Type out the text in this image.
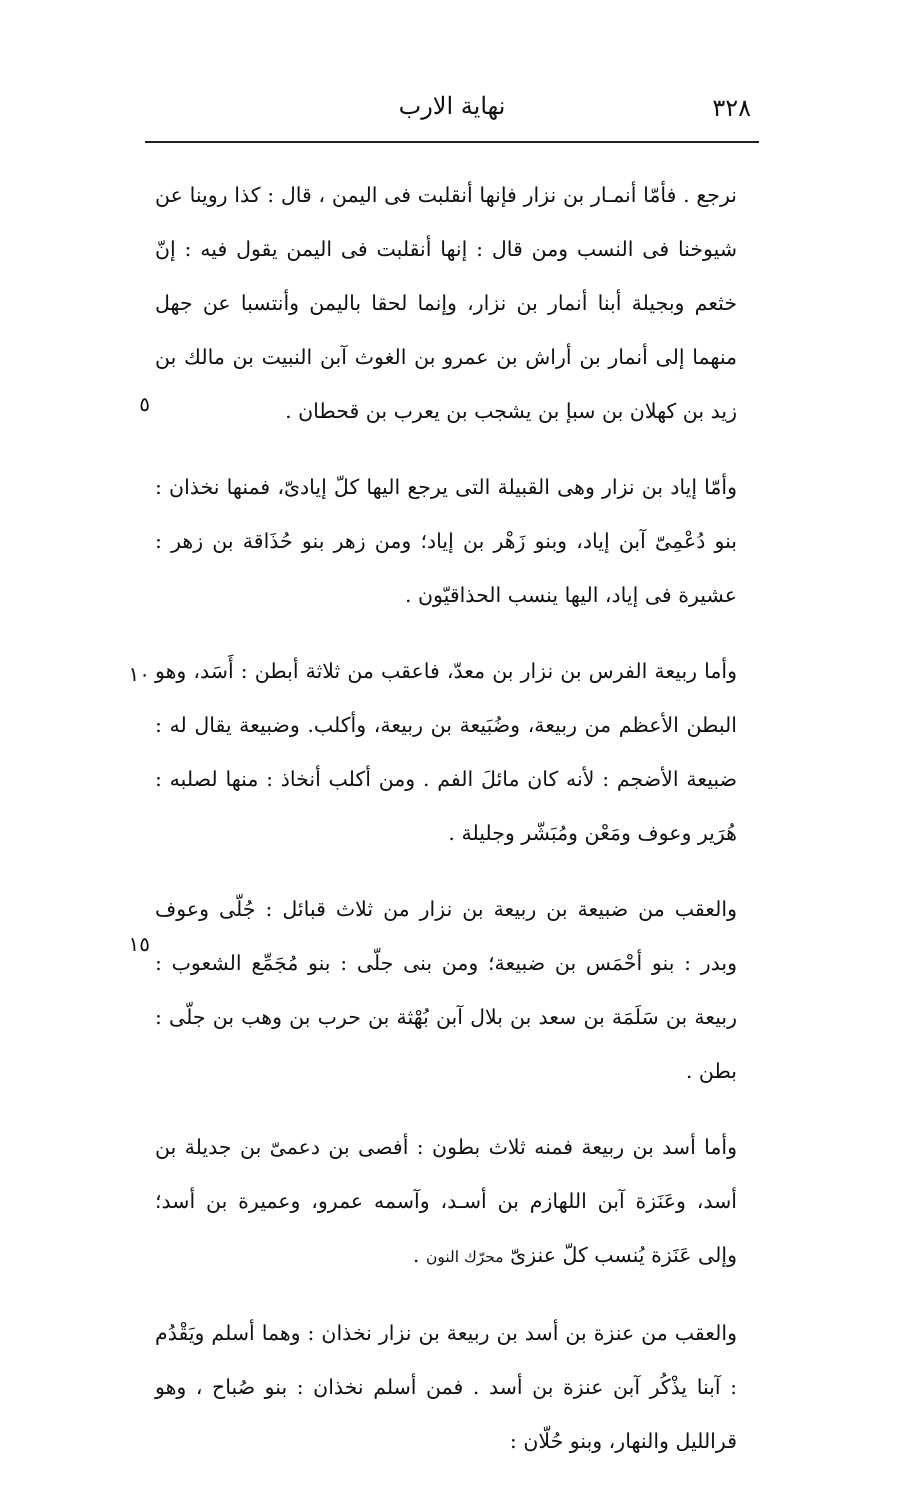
٣٢٨
نهاية الارب
٥
١٠
١٥

نرجع . فأمّا أنمـار بن نزار فإنها أنقلبت فى اليمن ، قال : كذا روينا عن شيوخنا فى النسب ومن قال : إنها أنقلبت فى اليمن يقول فيه : إنّ خثعم وبجيلة أبنا أنمار بن نزار، وإنما لحقا باليمن وأنتسبا عن جهل منهما إلى أنمار بن أراش بن عمرو بن الغوث آبن النبيت بن مالك بن زيد بن كهلان بن سبإ بن يشجب بن يعرب بن قحطان .

وأمّا إياد بن نزار وهى القبيلة التى يرجع اليها كلّ إيادىّ، فمنها نخذان : بنو دُعْمِىّ آبن إياد، وبنو زَهْر بن إياد؛ ومن زهر بنو حُذَاقة بن زهر : عشيرة فى إياد، اليها ينسب الحذاقيّون .

وأما ربيعة الفرس بن نزار بن معدّ، فاعقب من ثلاثة أبطن : أَسَد، وهو البطن الأعظم من ربيعة، وضُبَيعة بن ربيعة، وأكلب. وضبيعة يقال له : ضبيعة الأضجم : لأنه كان مائلَ الفم . ومن أكلب أنخاذ : منها لصلبه : هُرَير وعوف ومَعْن ومُبَشّر وجليلة .

والعقب من ضبيعة بن ربيعة بن نزار من ثلاث قبائل : جُلّى وعوف وبدر : بنو أحْمَس بن ضبيعة؛ ومن بنى جلّى : بنو مُجَمِّع الشعوب : ربيعة بن سَلَمَة بن سعد بن بلال آبن بُهْثة بن حرب بن وهب بن جلّى : بطن .

وأما أسد بن ربيعة فمنه ثلاث بطون : أفصى بن دعمىّ بن جديلة بن أسد، وعَنَزة آبن اللهازم بن أسـد، وآسمه عمرو، وعميرة بن أسد؛ وإلى عَنَزة يُنسب كلّ عنزىّ محرّك النون .

والعقب من عنزة بن أسد بن ربيعة بن نزار نخذان : وهما أسلم ويَقْدُم : آبنا يذْكُر آبن عنزة بن أسد . فمن أسلم نخذان : بنو صُباح ، وهو قرالليل والنهار، وبنو حُلّان :
